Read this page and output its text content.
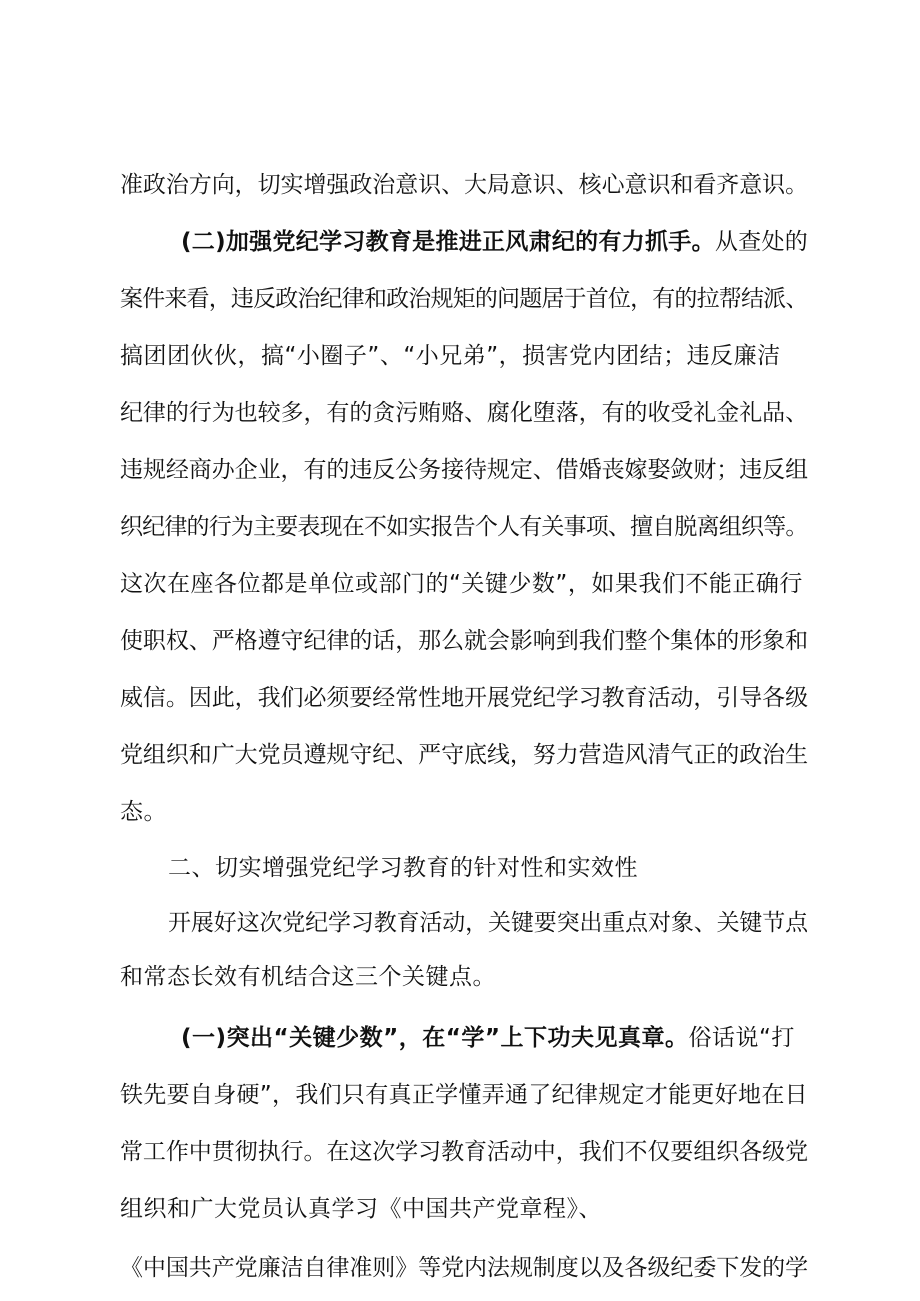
准政治方向，切实增强政治意识、大局意识、核心意识和看齐意识。
(二)加强党纪学习教育是推进正风肃纪的有力抓手。从查处的
案件来看，违反政治纪律和政治规矩的问题居于首位，有的拉帮结派、
搞团团伙伙，搞“小圈子”、“小兄弟”，损害党内团结；违反廉洁
纪律的行为也较多，有的贪污贿赂、腐化堕落，有的收受礼金礼品、
违规经商办企业，有的违反公务接待规定、借婚丧嫁娶敛财；违反组
织纪律的行为主要表现在不如实报告个人有关事项、擅自脱离组织等。
这次在座各位都是单位或部门的“关键少数”，如果我们不能正确行
使职权、严格遵守纪律的话，那么就会影响到我们整个集体的形象和
威信。因此，我们必须要经常性地开展党纪学习教育活动，引导各级
党组织和广大党员遵规守纪、严守底线，努力营造风清气正的政治生
态。
二、切实增强党纪学习教育的针对性和实效性
开展好这次党纪学习教育活动，关键要突出重点对象、关键节点
和常态长效有机结合这三个关键点。
(一)突出“关键少数”，在“学”上下功夫见真章。俗话说“打
铁先要自身硬”，我们只有真正学懂弄通了纪律规定才能更好地在日
常工作中贯彻执行。在这次学习教育活动中，我们不仅要组织各级党
组织和广大党员认真学习《中国共产党章程》、
《中国共产党廉洁自律准则》等党内法规制度以及各级纪委下发的学
